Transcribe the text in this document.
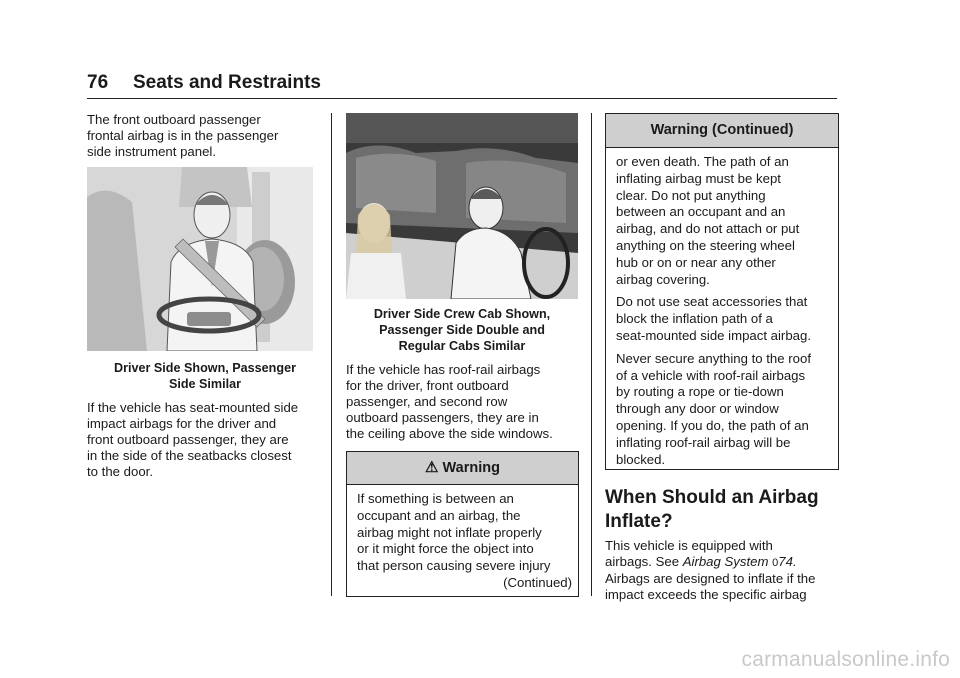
76 Seats and Restraints

The front outboard passenger

frontal airbag is in the passenger

side instrument panel.

Driver Side Shown, Passenger

Side Similar

If the vehicle has seat-mounted side

impact airbags for the driver and

front outboard passenger, they are

in the side of the seatbacks closest

to the door.

Driver Side Crew Cab Shown,

Passenger Side Double and

Regular Cabs Similar

If the vehicle has roof-rail airbags

for the driver, front outboard

passenger, and second row

outboard passengers, they are in

the ceiling above the side windows.

⚠ Warning
If something is between an
occupant and an airbag, the
airbag might not inflate properly
or it might force the object into
that person causing severe injury
(Continued)
Warning (Continued)

or even death. The path of an
inflating airbag must be kept
clear. Do not put anything
between an occupant and an
airbag, and do not attach or put
anything on the steering wheel
hub or on or near any other
airbag covering.

Do not use seat accessories that
block the inflation path of a
seat-mounted side impact airbag.

Never secure anything to the roof
of a vehicle with roof-rail airbags
by routing a rope or tie-down
through any door or window
opening. If you do, the path of an
inflating roof-rail airbag will be
blocked.

When Should an Airbag
Inflate?

This vehicle is equipped with

airbags. See Airbag System 074.

Airbags are designed to inflate if the

impact exceeds the specific airbag

carmanualsonline.info
